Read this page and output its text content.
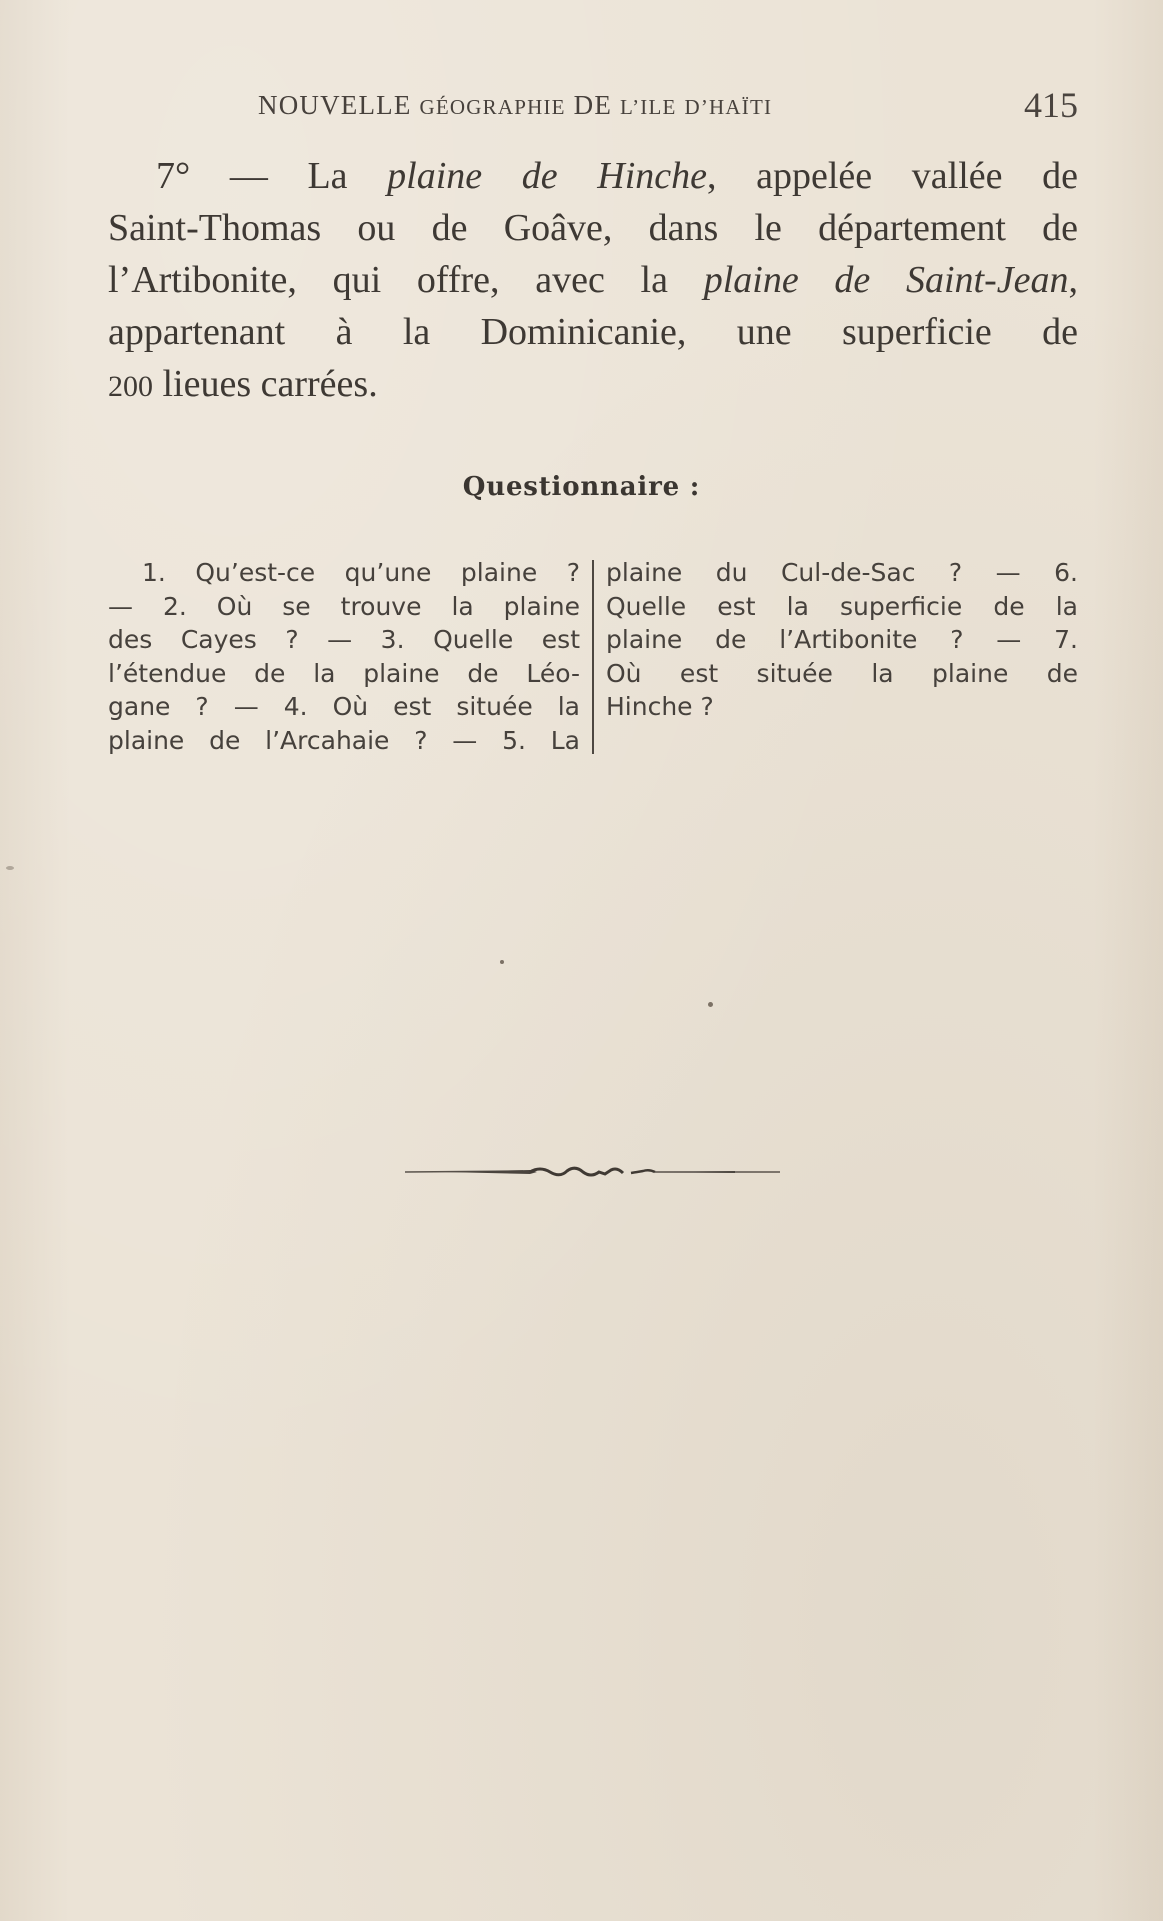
NOUVELLE GÉOGRAPHIE DE L’ILE D’HAÏTI	415
7° — La plaine de Hinche, appelée vallée de
Saint-Thomas ou de Goâve, dans le département de
l’Artibonite, qui offre, avec la plaine de Saint-Jean,
appartenant à la Dominicanie, une superficie de
200 lieues carrées.
Questionnaire :
1. Qu’est-ce qu’une plaine ?
— 2. Où se trouve la plaine
des Cayes ? — 3. Quelle est
l’étendue de la plaine de Léo-
gane ? — 4. Où est située la
plaine de l’Arcahaie ? — 5. La
plaine du Cul-de-Sac ? — 6.
Quelle est la superficie de la
plaine de l’Artibonite ? — 7.
Où est située la plaine de
Hinche ?
